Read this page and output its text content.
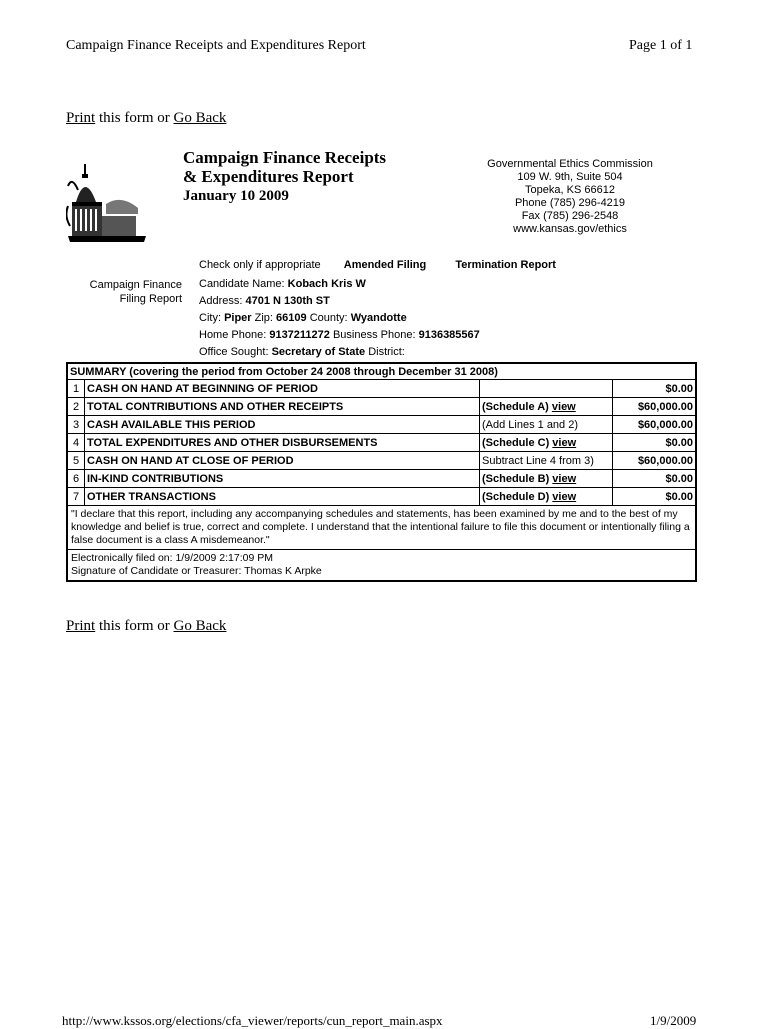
Campaign Finance Receipts and Expenditures Report	Page 1 of 1
Print this form or Go Back
Campaign Finance Receipts
& Expenditures Report
January 10 2009
Governmental Ethics Commission
109 W. 9th, Suite 504
Topeka, KS 66612
Phone (785) 296-4219
Fax (785) 296-2548
www.kansas.gov/ethics
Check only if appropriate Amended Filing	Termination Report
Campaign Finance
Filing Report
Candidate Name: Kobach Kris W
Address: 4701 N 130th ST
City: Piper Zip: 66109 County: Wyandotte
Home Phone: 9137211272 Business Phone: 9136385567
Office Sought: Secretary of State District:
SUMMARY (covering the period from October 24 2008 through December 31 2008)			
1	CASH ON HAND AT BEGINNING OF PERIOD		$0.00
2	TOTAL CONTRIBUTIONS AND OTHER RECEIPTS	(Schedule A) view	$60,000.00
3	CASH AVAILABLE THIS PERIOD	(Add Lines 1 and 2)	$60,000.00
4	TOTAL EXPENDITURES AND OTHER DISBURSEMENTS	(Schedule C) view	$0.00
5	CASH ON HAND AT CLOSE OF PERIOD	Subtract Line 4 from 3)	$60,000.00
6	IN-KIND CONTRIBUTIONS	(Schedule B) view	$0.00
7	OTHER TRANSACTIONS	(Schedule D) view	$0.00
"I declare that this report, including any accompanying schedules and statements, has been examined by me and to the best of my knowledge and belief is true, correct and complete. I understand that the intentional failure to file this document or intentionally filing a false document is a class A misdemeanor."			

Electronically filed on: 1/9/2009 2:17:09 PM
Signature of Candidate or Treasurer: Thomas K Arpke			
Print this form or Go Back
http://www.kssos.org/elections/cfa_viewer/reports/cun_report_main.aspx	1/9/2009
